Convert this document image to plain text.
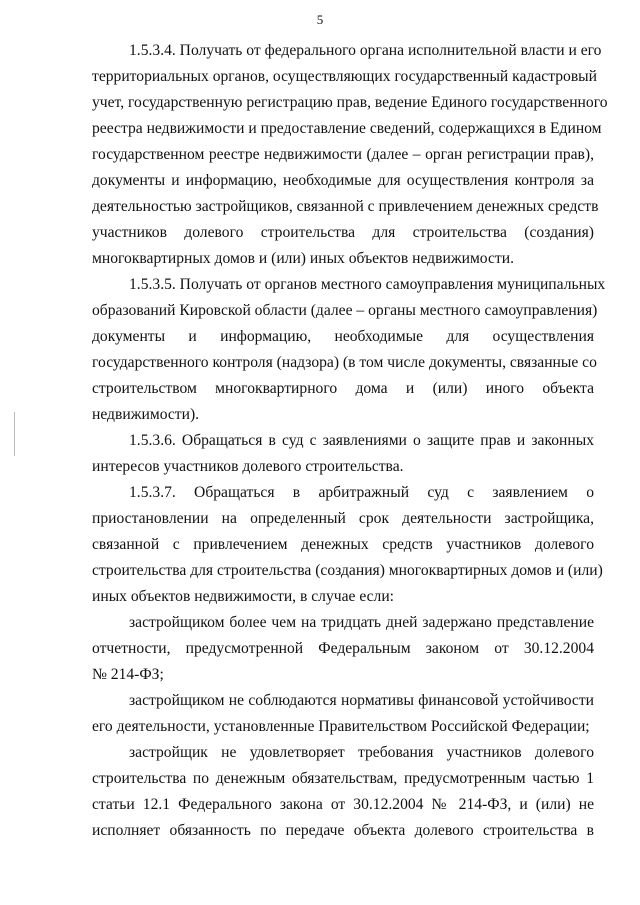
5
1.5.3.4. Получать от федерального органа исполнительной власти и его
территориальных органов, осуществляющих государственный кадастровый
учет, государственную регистрацию прав, ведение Единого государственного
реестра недвижимости и предоставление сведений, содержащихся в Едином
государственном реестре недвижимости (далее – орган регистрации прав),
документы и информацию, необходимые для осуществления контроля за
деятельностью застройщиков, связанной с привлечением денежных средств
участников долевого строительства для строительства (создания)
многоквартирных домов и (или) иных объектов недвижимости.
1.5.3.5. Получать от органов местного самоуправления муниципальных
образований Кировской области (далее – органы местного самоуправления)
документы и информацию, необходимые для осуществления
государственного контроля (надзора) (в том числе документы, связанные со
строительством многоквартирного дома и (или) иного объекта
недвижимости).
1.5.3.6. Обращаться в суд с заявлениями о защите прав и законных
интересов участников долевого строительства.
1.5.3.7. Обращаться в арбитражный суд с заявлением о
приостановлении на определенный срок деятельности застройщика,
связанной с привлечением денежных средств участников долевого
строительства для строительства (создания) многоквартирных домов и (или)
иных объектов недвижимости, в случае если:
застройщиком более чем на тридцать дней задержано представление
отчетности, предусмотренной Федеральным законом от 30.12.2004
№ 214-ФЗ;
застройщиком не соблюдаются нормативы финансовой устойчивости
его деятельности, установленные Правительством Российской Федерации;
застройщик не удовлетворяет требования участников долевого
строительства по денежным обязательствам, предусмотренным частью 1
статьи 12.1 Федерального закона от 30.12.2004 № 214-ФЗ, и (или) не
исполняет обязанность по передаче объекта долевого строительства в
